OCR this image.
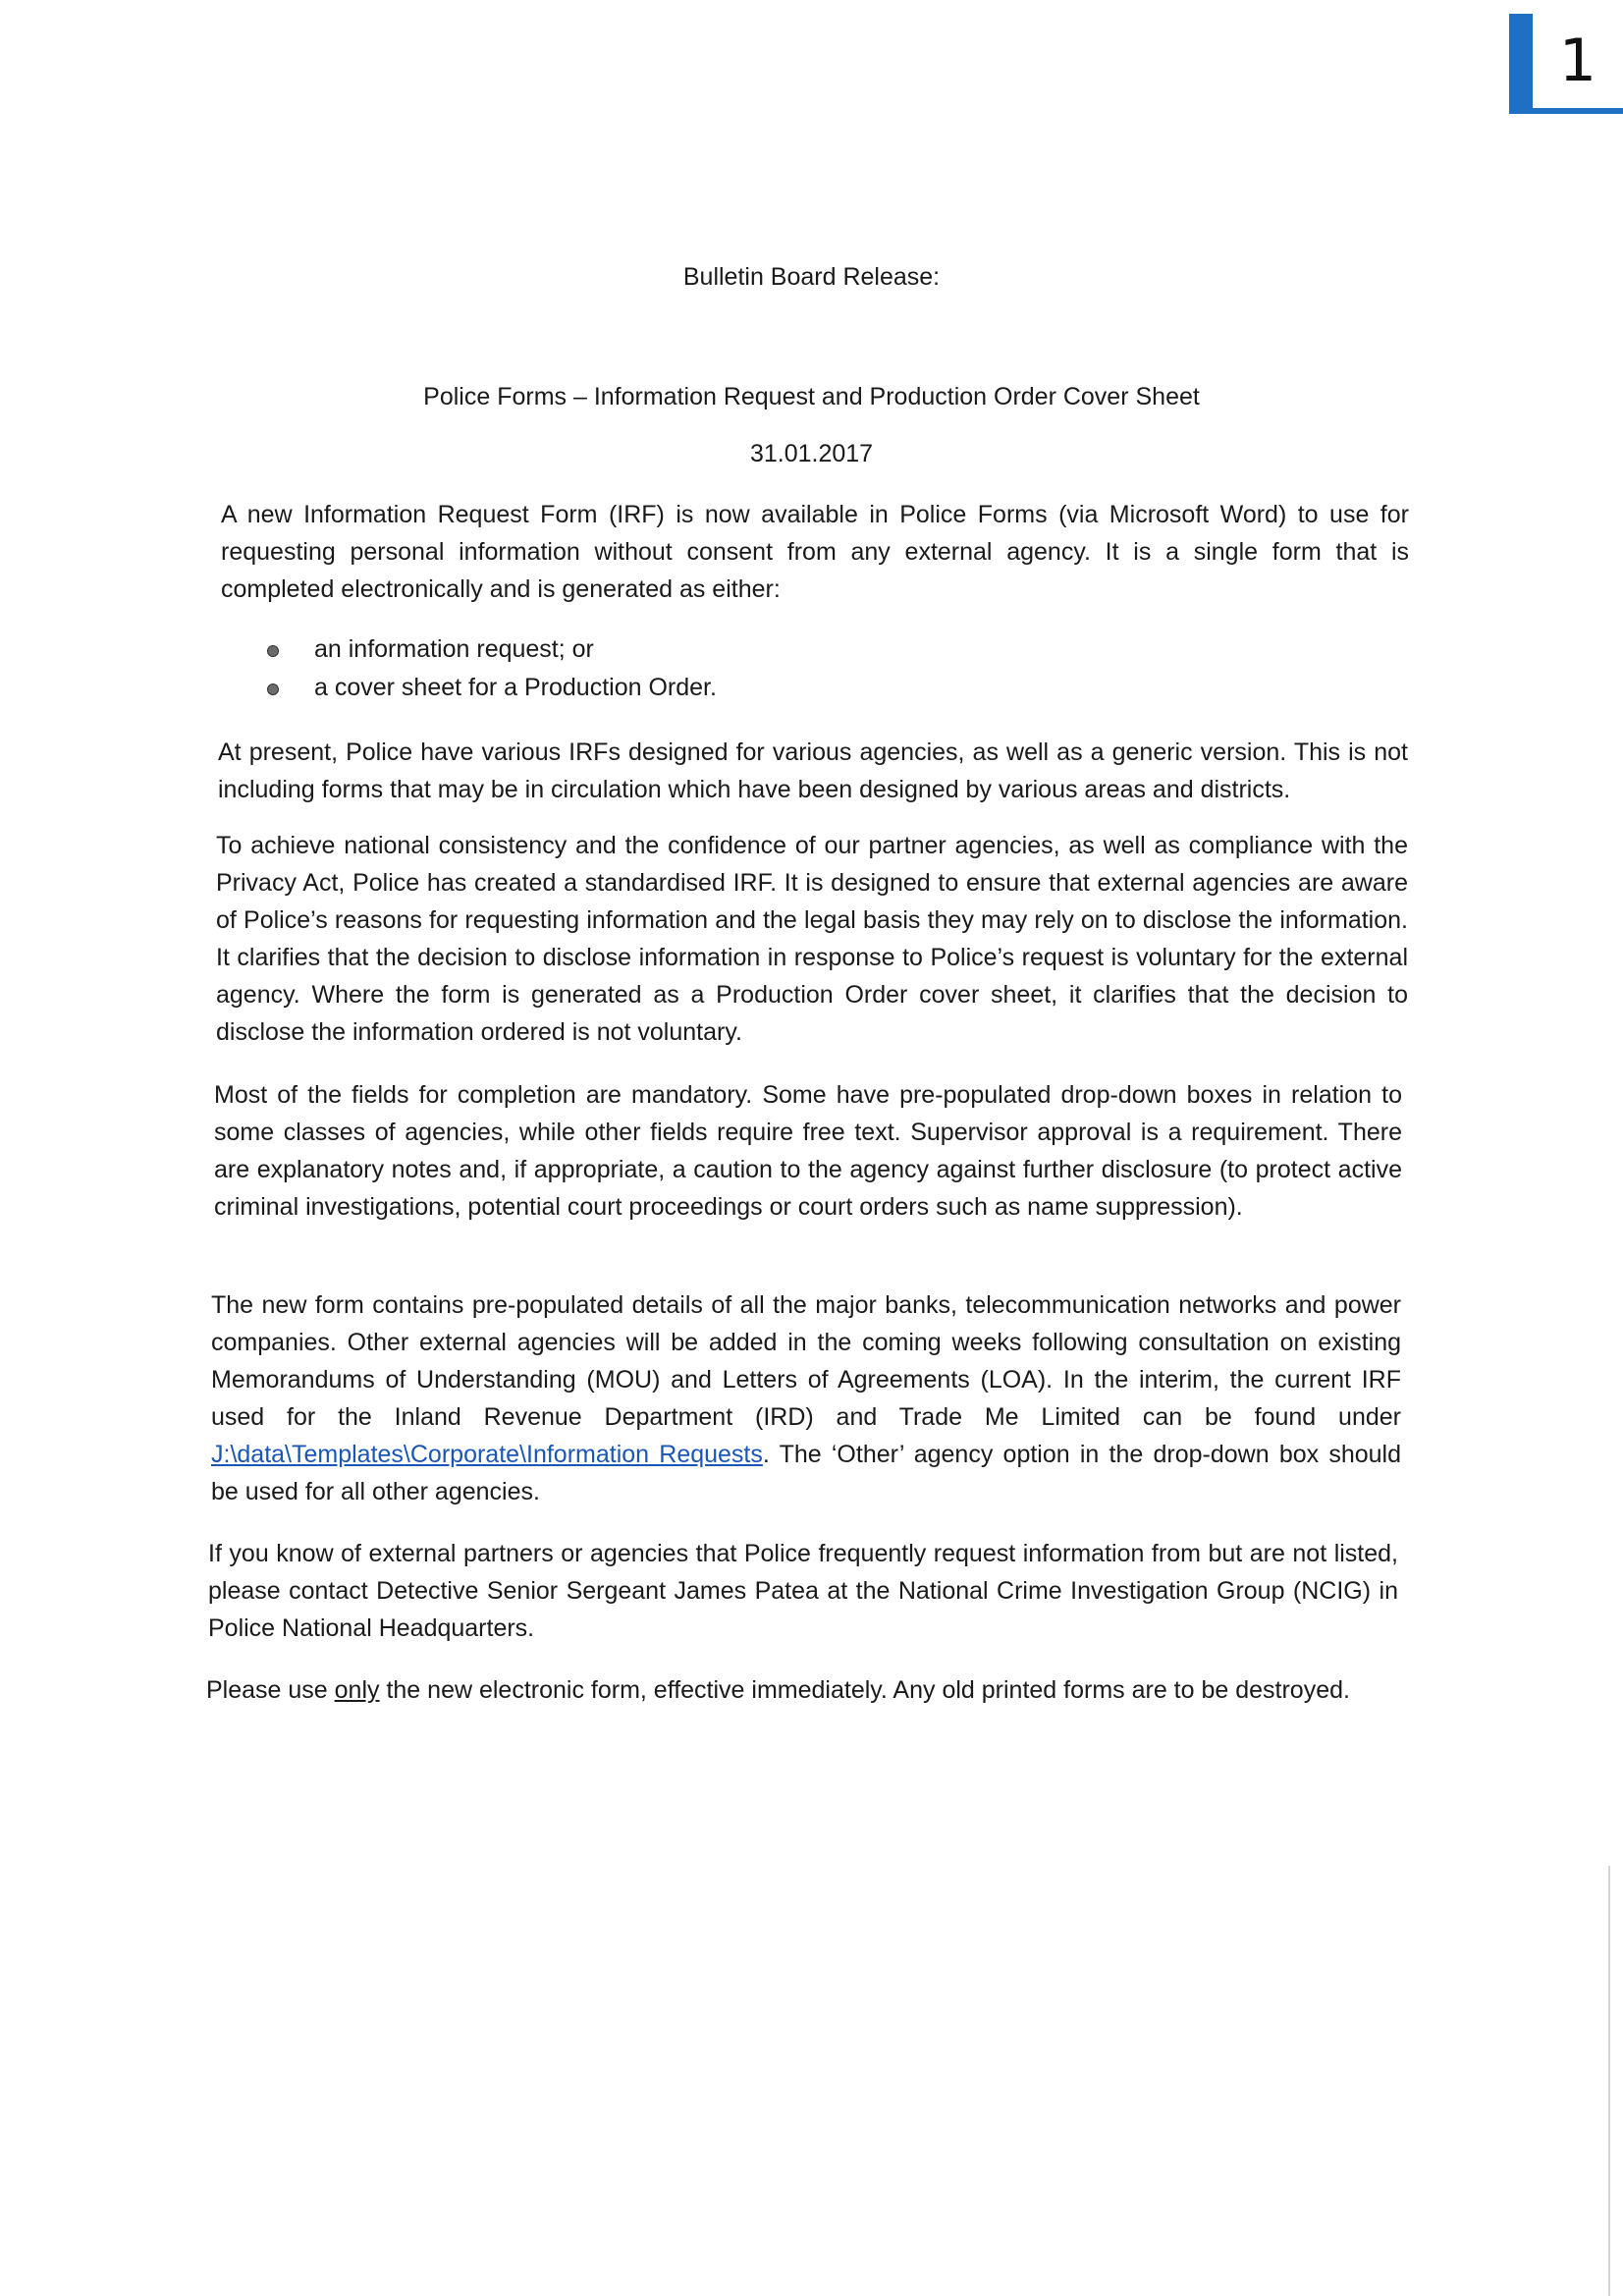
1
Bulletin Board Release:
Police Forms – Information Request and Production Order Cover Sheet
31.01.2017

A new Information Request Form (IRF) is now available in Police Forms (via Microsoft Word) to use for requesting personal information without consent from any external agency. It is a single form that is completed electronically and is generated as either:

an information request; or
a cover sheet for a Production Order.

At present, Police have various IRFs designed for various agencies, as well as a generic version. This is not including forms that may be in circulation which have been designed by various areas and districts.

To achieve national consistency and the confidence of our partner agencies, as well as compliance with the Privacy Act, Police has created a standardised IRF. It is designed to ensure that external agencies are aware of Police’s reasons for requesting information and the legal basis they may rely on to disclose the information. It clarifies that the decision to disclose information in response to Police’s request is voluntary for the external agency. Where the form is generated as a Production Order cover sheet, it clarifies that the decision to disclose the information ordered is not voluntary.

Most of the fields for completion are mandatory. Some have pre-populated drop-down boxes in relation to some classes of agencies, while other fields require free text. Supervisor approval is a requirement. There are explanatory notes and, if appropriate, a caution to the agency against further disclosure (to protect active criminal investigations, potential court proceedings or court orders such as name suppression).

The new form contains pre-populated details of all the major banks, telecommunication networks and power companies. Other external agencies will be added in the coming weeks following consultation on existing Memorandums of Understanding (MOU) and Letters of Agreements (LOA). In the interim, the current IRF used for the Inland Revenue Department (IRD) and Trade Me Limited can be found under J:\data\Templates\Corporate\Information Requests. The ‘Other’ agency option in the drop-down box should be used for all other agencies.

If you know of external partners or agencies that Police frequently request information from but are not listed, please contact Detective Senior Sergeant James Patea at the National Crime Investigation Group (NCIG) in Police National Headquarters.

Please use only the new electronic form, effective immediately. Any old printed forms are to be destroyed.
